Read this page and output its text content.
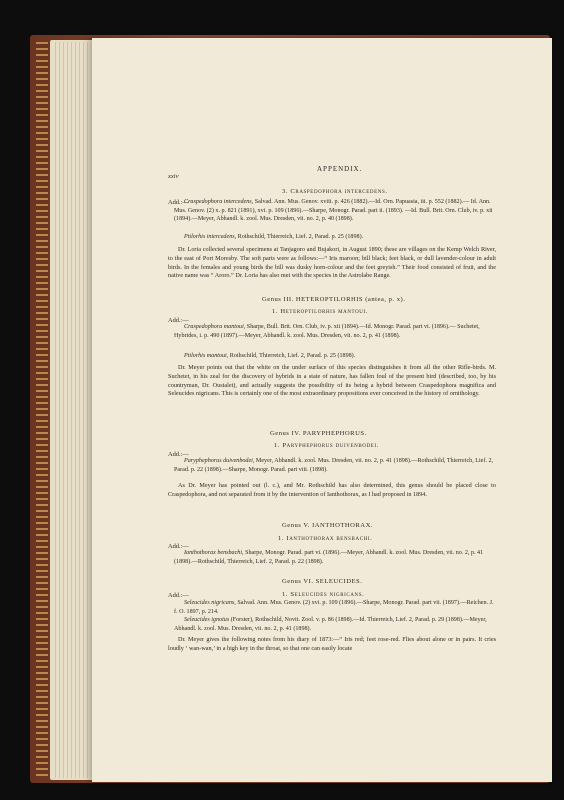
xxiv
APPENDIX.
3. Craspedophora intercedens.
Add.:—
Craspedophora intercedens, Salvad. Ann. Mus. Genov. xviii. p. 426 (1882).—Id. Orn. Papuasia, iii. p. 552 (1882).— Id. Ann. Mus. Genov. (2) x. p. 821 (1891), xvi. p. 109 (1896).—Sharpe, Monogr. Parad. part ii. (1893). —Id. Bull. Brit. Orn. Club, iv. p. xii (1894).—Meyer, Abhandl. k. zool. Mus. Dresden, vii. no. 2, p. 40 (1898).
Ptilorhis intercedens, Rothschild, Thierreich, Lief. 2, Parad. p. 25 (1898).
Dr. Loria collected several specimens at Tanjagoro and Bujakori, in August 1890; these are villages on the Kemp Welch River, to the east of Port Moresby. The soft parts were as follows:—“ Iris maroon; bill black; feet black, or dull lavender-colour in adult birds. In the females and young birds the bill was dusky horn-colour and the feet greyish.” Their food consisted of fruit, and the native name was “ Aroro.” Dr. Loria has also met with the species in the Astrolabe Range.
Genus III. HETEROPTILORHIS (antea, p. x).
1. Heteroptilorhis mantoui.
Add.:—
Craspedophora mantoui, Sharpe, Bull. Brit. Orn. Club, iv. p. xii (1894).—Id. Monogr. Parad. part vi. (1896).— Suchetet, Hybrides, i. p. 490 (1897).—Meyer, Abhandl. k. zool. Mus. Dresden, vii. no. 2, p. 41 (1898).
Ptilorhis mantoui, Rothschild, Thierreich, Lief. 2, Parad. p. 25 (1898).
Dr. Meyer points out that the white on the under surface of this species distinguishes it from all the other Rifle-birds. M. Suchetet, in his zeal for the discovery of hybrids in a state of nature, has fallen foul of the present bird (described, too, by his countryman, Dr. Oustalet), and actually suggests the possibility of its being a hybrid between Craspedophora magnifica and Seleucides nigricans. This is certainly one of the most extraordinary propositions ever conceived in the history of ornithology.
Genus IV. PARYPHEPHORUS.
1. Paryphephorus duivenbodei.
Add.:—
Paryphephorus duivenbodei, Meyer, Abhandl. k. zool. Mus. Dresden, vii. no. 2, p. 41 (1898).—Rothschild, Thierreich, Lief. 2, Parad. p. 22 (1898).—Sharpe, Monogr. Parad. part viii. (1898).
As Dr. Meyer has pointed out (l. c.), and Mr. Rothschild has also determined, this genus should be placed close to Craspedophora, and not separated from it by the intervention of Ianthothorax, as I had proposed in 1894.
Genus V. IANTHOTHORAX.
1. Ianthothorax bensbachi.
Add.:—
Ianthothorax bensbachi, Sharpe, Monogr. Parad. part vi. (1896).—Meyer, Abhandl. k. zool. Mus. Dresden, vii. no. 2, p. 41 (1898).—Rothschild, Thierreich, Lief. 2, Parad. p. 22 (1898).
Genus VI. SELEUCIDES.
1. Seleucides nigricans.
Add.:—
Seleucides nigricans, Salvad. Ann. Mus. Genov. (2) xvi. p. 109 (1896).—Sharpe, Monogr. Parad. part vii. (1897).—Reichen. J. f. O. 1897, p. 214.
Seleucides ignotus (Forster), Rothschild, Novit. Zool. v. p. 86 (1898).—Id. Thierreich, Lief. 2, Parad. p. 29 (1898).—Meyer, Abhandl. k. zool. Mus. Dresden, vii. no. 2, p. 41 (1898).
Dr. Meyer gives the following notes from his diary of 1873:—“ Iris red; feet rose-red. Flies about alone or in pairs. It cries loudly ‘ wan-wan,’ in a high key in the throat, so that one can easily locate
